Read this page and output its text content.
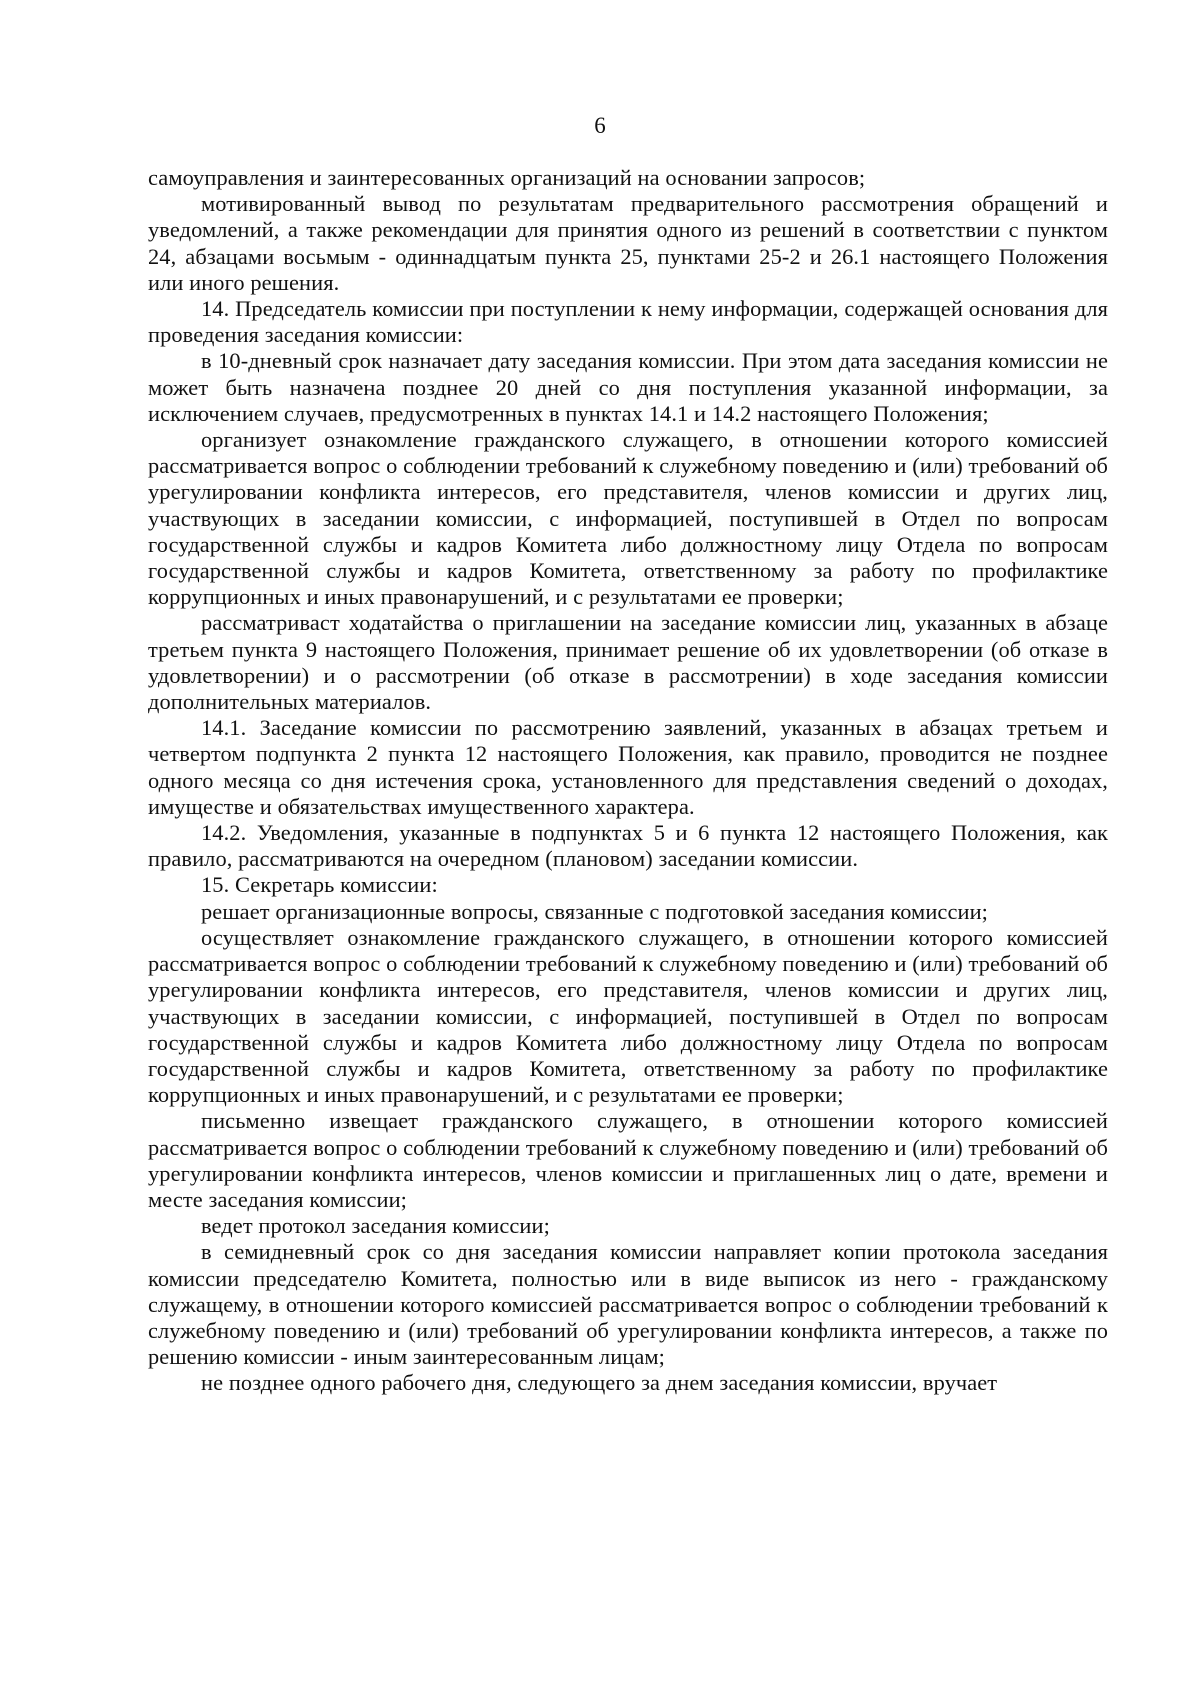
6

самоуправления и заинтересованных организаций на основании запросов;

мотивированный вывод по результатам предварительного рассмотрения обращений и уведомлений, а также рекомендации для принятия одного из решений в соответствии с пунктом 24, абзацами восьмым - одиннадцатым пункта 25, пунктами 25-2 и 26.1 настоящего Положения или иного решения.

14. Председатель комиссии при поступлении к нему информации, содержащей основания для проведения заседания комиссии:

в 10-дневный срок назначает дату заседания комиссии. При этом дата заседания комиссии не может быть назначена позднее 20 дней со дня поступления указанной информации, за исключением случаев, предусмотренных в пунктах 14.1 и 14.2 настоящего Положения;

организует ознакомление гражданского служащего, в отношении которого комиссией рассматривается вопрос о соблюдении требований к служебному поведению и (или) требований об урегулировании конфликта интересов, его представителя, членов комиссии и других лиц, участвующих в заседании комиссии, с информацией, поступившей в Отдел по вопросам государственной службы и кадров Комитета либо должностному лицу Отдела по вопросам государственной службы и кадров Комитета, ответственному за работу по профилактике коррупционных и иных правонарушений, и с результатами ее проверки;

рассматриваст ходатайства о приглашении на заседание комиссии лиц, указанных в абзаце третьем пункта 9 настоящего Положения, принимает решение об их удовлетворении (об отказе в удовлетворении) и о рассмотрении (об отказе в рассмотрении) в ходе заседания комиссии дополнительных материалов.

14.1. Заседание комиссии по рассмотрению заявлений, указанных в абзацах третьем и четвертом подпункта 2 пункта 12 настоящего Положения, как правило, проводится не позднее одного месяца со дня истечения срока, установленного для представления сведений о доходах, имуществе и обязательствах имущественного характера.

14.2. Уведомления, указанные в подпунктах 5 и 6 пункта 12 настоящего Положения, как правило, рассматриваются на очередном (плановом) заседании комиссии.

15. Секретарь комиссии:

решает организационные вопросы, связанные с подготовкой заседания комиссии;

осуществляет ознакомление гражданского служащего, в отношении которого комиссией рассматривается вопрос о соблюдении требований к служебному поведению и (или) требований об урегулировании конфликта интересов, его представителя, членов комиссии и других лиц, участвующих в заседании комиссии, с информацией, поступившей в Отдел по вопросам государственной службы и кадров Комитета либо должностному лицу Отдела по вопросам государственной службы и кадров Комитета, ответственному за работу по профилактике коррупционных и иных правонарушений, и с результатами ее проверки;

письменно извещает гражданского служащего, в отношении которого комиссией рассматривается вопрос о соблюдении требований к служебному поведению и (или) требований об урегулировании конфликта интересов, членов комиссии и приглашенных лиц о дате, времени и месте заседания комиссии;

ведет протокол заседания комиссии;

в семидневный срок со дня заседания комиссии направляет копии протокола заседания комиссии председателю Комитета, полностью или в виде выписок из него - гражданскому служащему, в отношении которого комиссией рассматривается вопрос о соблюдении требований к служебному поведению и (или) требований об урегулировании конфликта интересов, а также по решению комиссии - иным заинтересованным лицам;

не позднее одного рабочего дня, следующего за днем заседания комиссии, вручает
